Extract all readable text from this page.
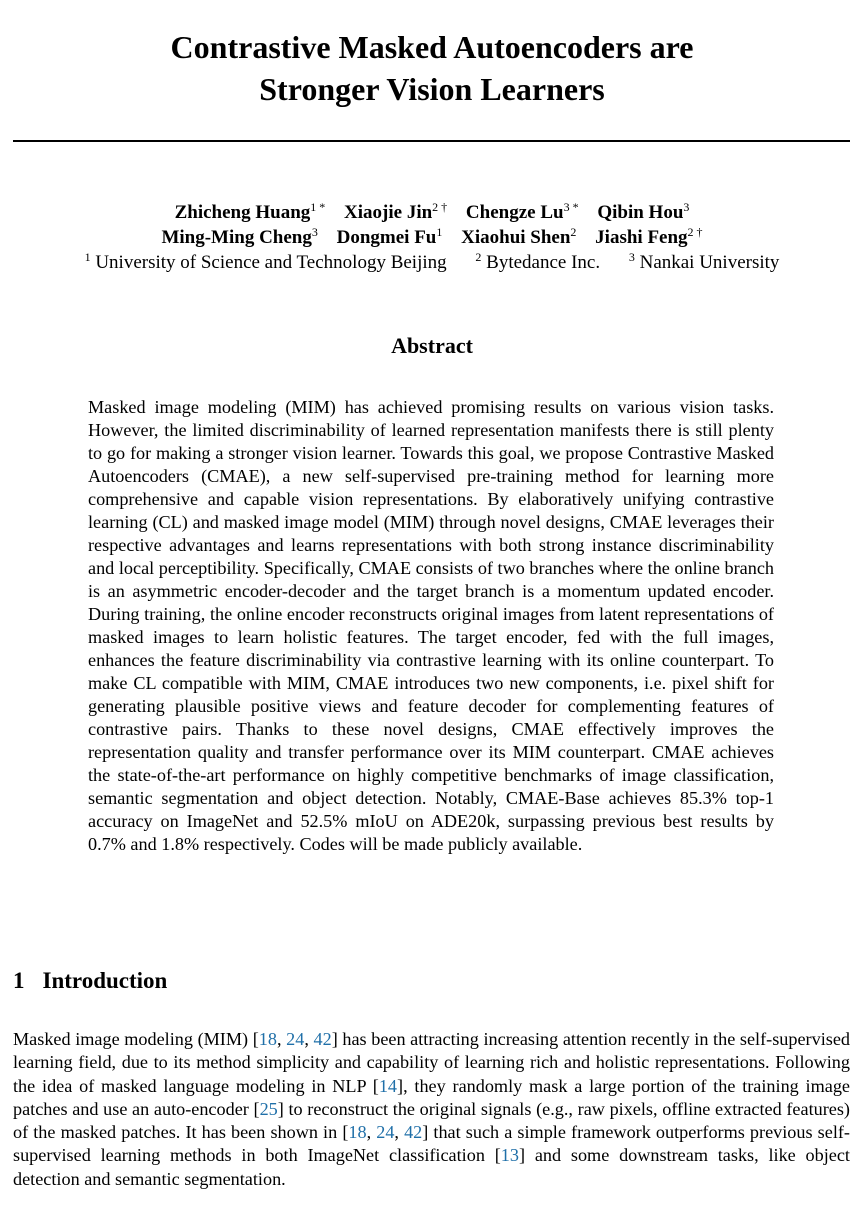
Contrastive Masked Autoencoders are
Stronger Vision Learners
Zhicheng Huang$^{1 *}$ Xiaojie Jin$^{2 \dagger}$ Chengze $Lu^{3 *}$ Qibin Hou$^3$
Ming-Ming Cheng$^3$ Dongmei Fu$^1$ Xiaohui Shen$^2$ Jiashi Feng$^{2 \dagger}$
$^1$ University of Science and Technology Beijing $^2$ Bytedance Inc. $^3$ Nankai University
Abstract

Masked image modeling (MIM) has achieved promising results on various vision tasks. However, the limited discriminability of learned representation manifests there is still plenty to go for making a stronger vision learner. Towards this goal, we propose Contrastive Masked Autoencoders (CMAE), a new self-supervised pre-training method for learning more comprehensive and capable vision representations. By elaboratively unifying contrastive learning (CL) and masked image model (MIM) through novel designs, CMAE leverages their respective advantages and learns representations with both strong instance discriminability and local perceptibility. Specifically, CMAE consists of two branches where the online branch is an asymmetric encoder-decoder and the target branch is a momentum updated encoder. During training, the online encoder reconstructs original images from latent representations of masked images to learn holistic features. The target encoder, fed with the full images, enhances the feature discriminability via contrastive learning with its online counterpart. To make CL compatible with MIM, CMAE introduces two new components, i.e. pixel shift for generating plausible positive views and feature decoder for complementing features of contrastive pairs. Thanks to these novel designs, CMAE effectively improves the representation quality and transfer performance over its MIM counterpart. CMAE achieves the state-of-the-art performance on highly competitive benchmarks of image classification, semantic segmentation and object detection. Notably, CMAE-Base achieves 85.3% top-1 accuracy on ImageNet and 52.5% mIoU on ADE20k, surpassing previous best results by 0.7% and 1.8% respectively. Codes will be made publicly available.

1 Introduction

Masked image modeling (MIM) [18, 24, 42] has been attracting increasing attention recently in the self-supervised learning field, due to its method simplicity and capability of learning rich and holistic representations. Following the idea of masked language modeling in NLP [14], they randomly mask a large portion of the training image patches and use an auto-encoder [25] to reconstruct the original signals (e.g., raw pixels, offline extracted features) of the masked patches. It has been shown in [18, 24, 42] that such a simple framework outperforms previous self-supervised learning methods in both ImageNet classification [13] and some downstream tasks, like object detection and semantic segmentation.
